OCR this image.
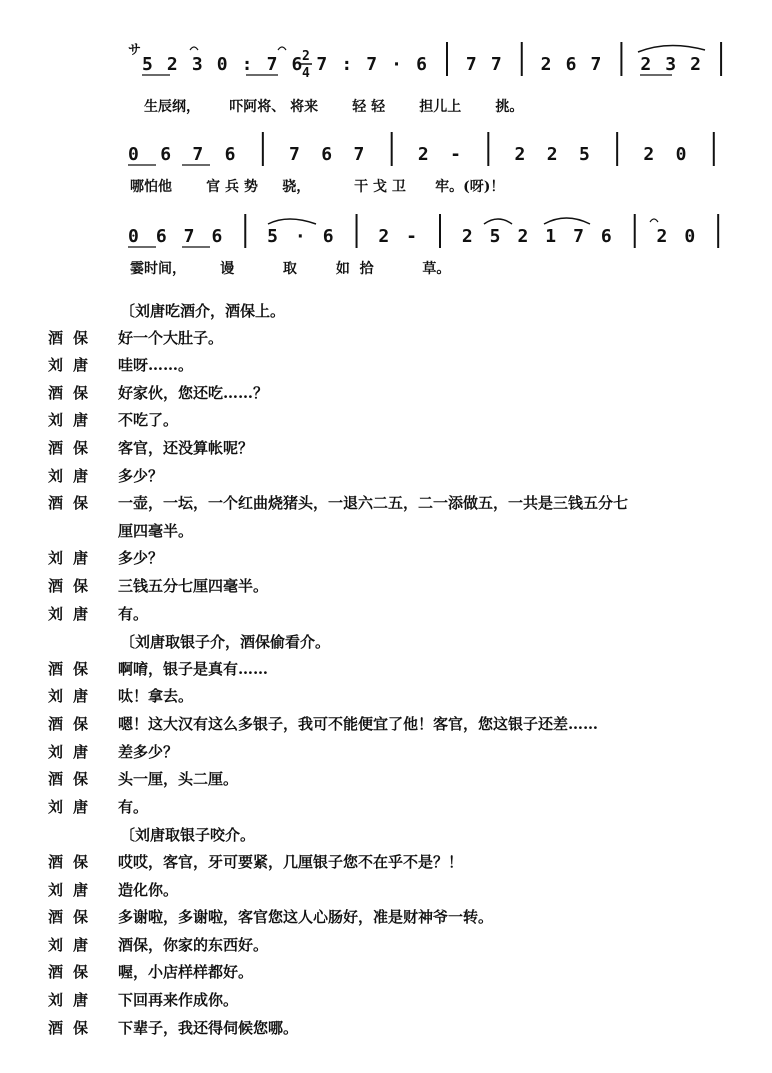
サ
5 2 3 0 : 7 6 7 : 7 · 6 7 7 2 6 7 2 3 2
2
4
生辰纲，      吓阿将、 将来       轻 轻       担儿上       挑。
0 6 7 6	7 6 7	2 -	2 2 5	2 0
哪怕他       官 兵 势     骁，         干 戈 卫      牢。(呀)！
0 6 7 6 5 · 6 2 - 2 5 2 1 7 6 2 0
霎时间，       谩          取        如  拾          草。
〔刘唐吃酒介，酒保上。
酒保	好一个大肚子。
刘唐	哇呀……。
酒保	好家伙，您还吃……？
刘唐	不吃了。
酒保	客官，还没算帐呢？
刘唐	多少？
酒保	一壶，一坛，一个红曲烧猪头，一退六二五，二一添做五，一共是三钱五分七
厘四毫半。
刘唐	多少？
酒保	三钱五分七厘四毫半。
刘唐	有。
〔刘唐取银子介，酒保偷看介。
酒保	啊唷，银子是真有……
刘唐	呔！拿去。
酒保	嗯！这大汉有这么多银子，我可不能便宜了他！客官，您这银子还差……
刘唐	差多少？
酒保	头一厘，头二厘。
刘唐	有。
〔刘唐取银子咬介。
酒保	哎哎，客官，牙可要紧，几厘银子您不在乎不是？！
刘唐	造化你。
酒保	多谢啦，多谢啦，客官您这人心肠好，准是财神爷一转。
刘唐	酒保，你家的东西好。
酒保	喔，小店样样都好。
刘唐	下回再来作成你。
酒保	下辈子，我还得伺候您哪。
